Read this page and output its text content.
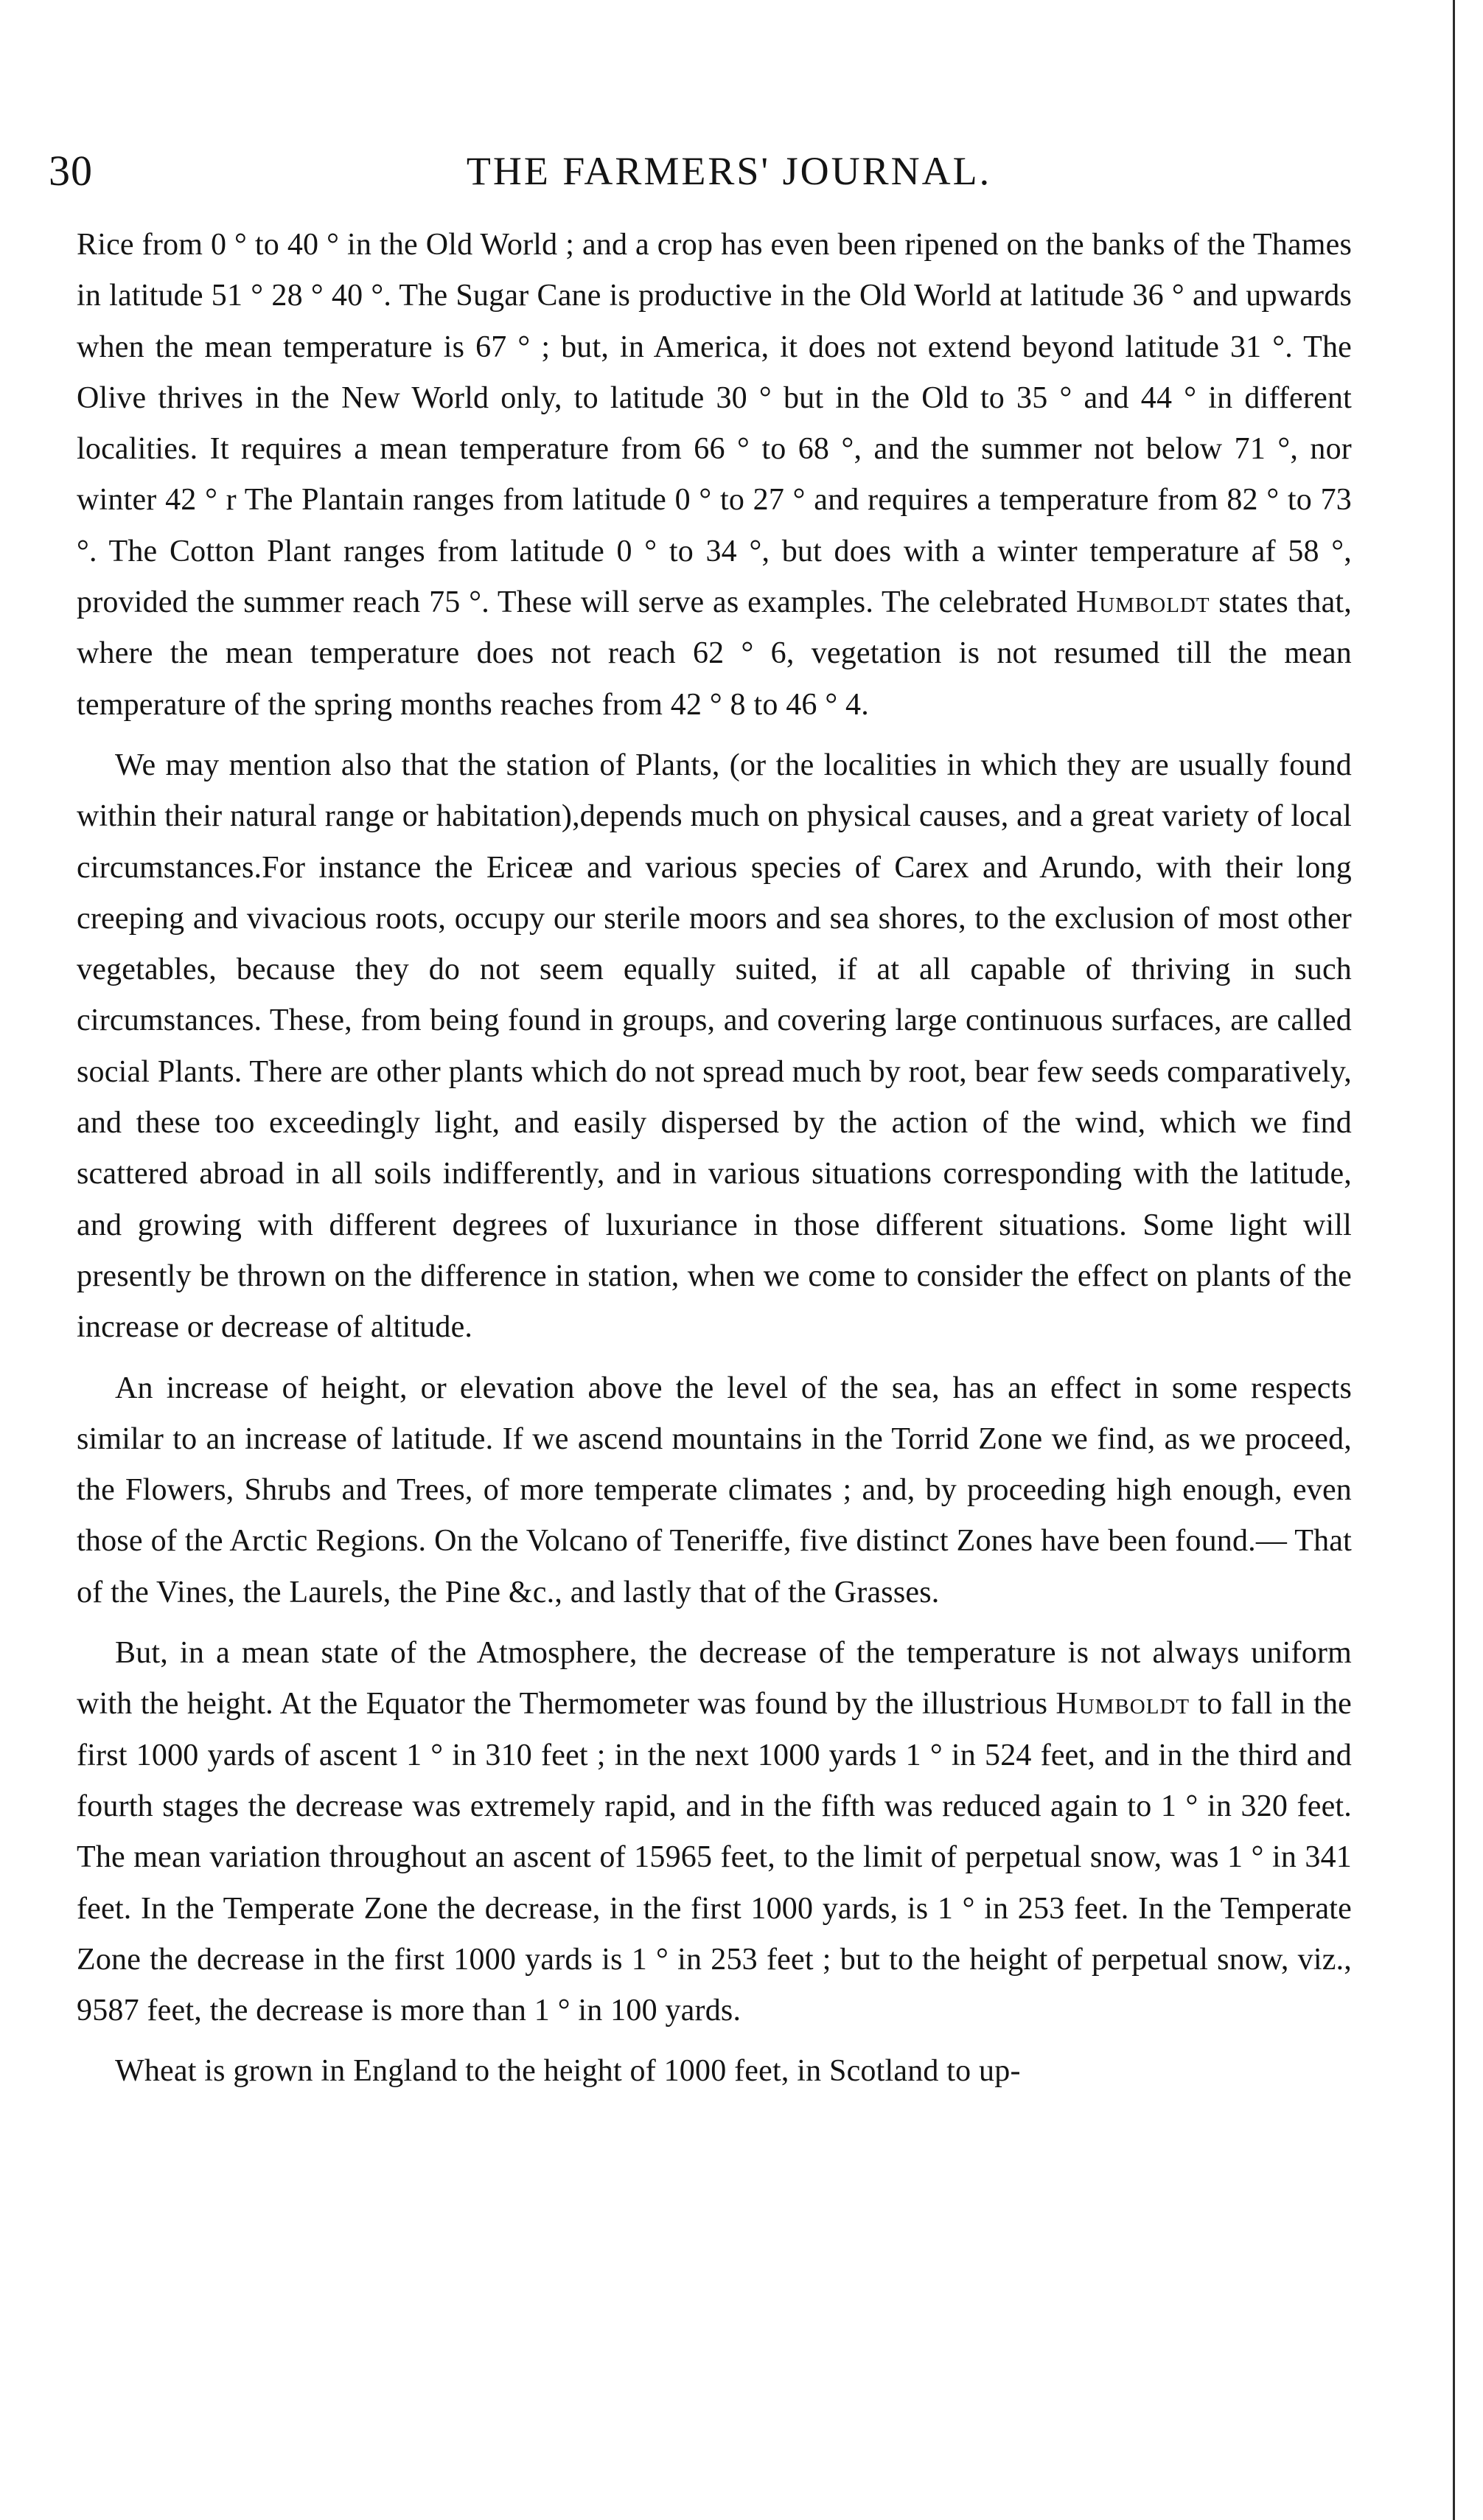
30	THE FARMERS' JOURNAL.

Rice from 0 ° to 40 ° in the Old World ; and a crop has even been ripened on the banks of the Thames in latitude 51 ° 28 ° 40 °. The Sugar Cane is productive in the Old World at latitude 36 ° and upwards when the mean temperature is 67 ° ; but, in America, it does not extend beyond latitude 31 °. The Olive thrives in the New World only, to latitude 30 ° but in the Old to 35 ° and 44 ° in different localities. It requires a mean temperature from 66 ° to 68 °, and the summer not below 71 °, nor winter 42 ° r The Plantain ranges from latitude 0 ° to 27 ° and requires a temperature from 82 ° to 73 °. The Cotton Plant ranges from latitude 0 ° to 34 °, but does with a winter temperature af 58 °, provided the summer reach 75 °. These will serve as examples. The celebrated Humboldt states that, where the mean temperature does not reach 62 ° 6, vegetation is not resumed till the mean temperature of the spring months reaches from 42 ° 8 to 46 ° 4.

We may mention also that the station of Plants, (or the localities in which they are usually found within their natural range or habitation),depends much on physical causes, and a great variety of local circumstances.For instance the Ericeæ and various species of Carex and Arundo, with their long creeping and vivacious roots, occupy our sterile moors and sea shores, to the exclusion of most other vegetables, because they do not seem equally suited, if at all capable of thriving in such circumstances. These, from being found in groups, and covering large continuous surfaces, are called social Plants. There are other plants which do not spread much by root, bear few seeds comparatively, and these too exceedingly light, and easily dispersed by the action of the wind, which we find scattered abroad in all soils indifferently, and in various situations corresponding with the latitude, and growing with different degrees of luxuriance in those different situations. Some light will presently be thrown on the difference in station, when we come to consider the effect on plants of the increase or decrease of altitude.

An increase of height, or elevation above the level of the sea, has an effect in some respects similar to an increase of latitude. If we ascend mountains in the Torrid Zone we find, as we proceed, the Flowers, Shrubs and Trees, of more temperate climates ; and, by proceeding high enough, even those of the Arctic Regions. On the Volcano of Teneriffe, five distinct Zones have been found.— That of the Vines, the Laurels, the Pine &c., and lastly that of the Grasses.

But, in a mean state of the Atmosphere, the decrease of the temperature is not always uniform with the height. At the Equator the Thermometer was found by the illustrious Humboldt to fall in the first 1000 yards of ascent 1 ° in 310 feet ; in the next 1000 yards 1 ° in 524 feet, and in the third and fourth stages the decrease was extremely rapid, and in the fifth was reduced again to 1 ° in 320 feet. The mean variation throughout an ascent of 15965 feet, to the limit of perpetual snow, was 1 ° in 341 feet. In the Temperate Zone the decrease, in the first 1000 yards, is 1 ° in 253 feet. In the Temperate Zone the decrease in the first 1000 yards is 1 ° in 253 feet ; but to the height of perpetual snow, viz., 9587 feet, the decrease is more than 1 ° in 100 yards.

Wheat is grown in England to the height of 1000 feet, in Scotland to up-
